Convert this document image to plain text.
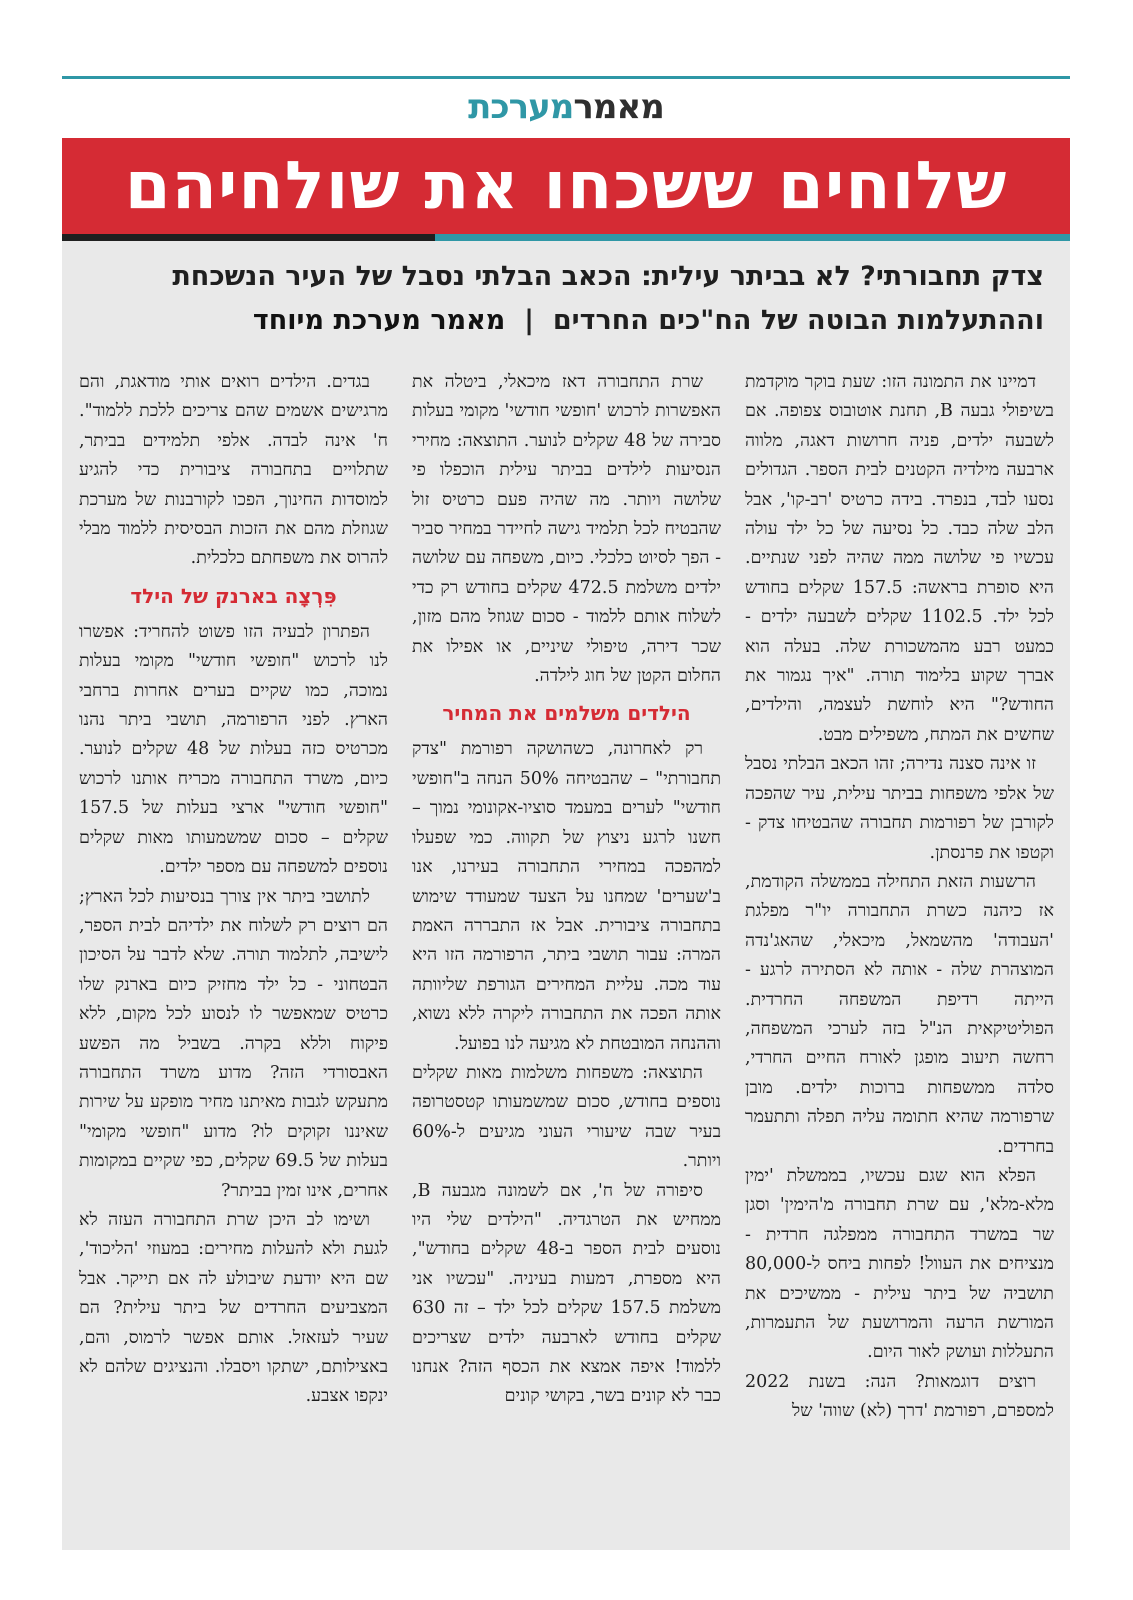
מאמרמערכת
שלוחים ששכחו את שולחיהם
צדק תחבורתי? לא בביתר עילית: הכאב הבלתי נסבל של העיר הנשכחת
וההתעלמות הבוטה של הח"כים החרדים  |  מאמר מערכת מיוחד

דמיינו את התמונה הזו: שעת בוקר מוקדמת בשיפולי גבעה B, תחנת אוטובוס צפופה. אם לשבעה ילדים, פניה חרושות דאגה, מלווה ארבעה מילדיה הקטנים לבית הספר. הגדולים נסעו לבד, בנפרד. בידה כרטיס 'רב-קו', אבל הלב שלה כבד. כל נסיעה של כל ילד עולה עכשיו פי שלושה ממה שהיה לפני שנתיים. היא סופרת בראשה: 157.5 שקלים בחודש לכל ילד. 1102.5 שקלים לשבעה ילדים - כמעט רבע מהמשכורת שלה. בעלה הוא אברך שקוע בלימוד תורה. "איך נגמור את החודש?" היא לוחשת לעצמה, והילדים, שחשים את המתח, משפילים מבט.

זו אינה סצנה נדירה; זהו הכאב הבלתי נסבל של אלפי משפחות בביתר עילית, עיר שהפכה לקורבן של רפורמות תחבורה שהבטיחו צדק - וקטפו את פרנסתן.

הרשעות הזאת התחילה בממשלה הקודמת, אז כיהנה כשרת התחבורה יו"ר מפלגת 'העבודה' מהשמאל, מיכאלי, שהאג'נדה המוצהרת שלה - אותה לא הסתירה לרגע - הייתה רדיפת המשפחה החרדית. הפוליטיקאית הנ"ל בזה לערכי המשפחה, רחשה תיעוב מופגן לאורח החיים החרדי, סלדה ממשפחות ברוכות ילדים. מובן שרפורמה שהיא חתומה עליה תפלה ותתעמר בחרדים.

הפלא הוא שגם עכשיו, בממשלת 'ימין מלא-מלא', עם שרת תחבורה מ'הימין' וסגן שר במשרד התחבורה ממפלגה חרדית - מנציחים את העוול! לפחות ביחס ל-80,000 תושביה של ביתר עילית - ממשיכים את המורשת הרעה והמרושעת של התעמרות, התעללות ועושק לאור היום.

רוצים דוגמאות? הנה: בשנת 2022 למספרם, רפורמת 'דרך (לא) שווה' של

שרת התחבורה דאז מיכאלי, ביטלה את האפשרות לרכוש 'חופשי חודשי' מקומי בעלות סבירה של 48 שקלים לנוער. התוצאה: מחירי הנסיעות לילדים בביתר עילית הוכפלו פי שלושה ויותר. מה שהיה פעם כרטיס זול שהבטיח לכל תלמיד גישה לחיידר במחיר סביר - הפך לסיוט כלכלי. כיום, משפחה עם שלושה ילדים משלמת 472.5 שקלים בחודש רק כדי לשלוח אותם ללמוד - סכום שגוזל מהם מזון, שכר דירה, טיפולי שיניים, או אפילו את החלום הקטן של חוג לילדה.

הילדים משלמים את המחיר

רק לאחרונה, כשהושקה רפורמת "צדק תחבורתי" – שהבטיחה 50% הנחה ב"חופשי חודשי" לערים במעמד סוציו-אקונומי נמוך – חשנו לרגע ניצוץ של תקווה. כמי שפעלו למהפכה במחירי התחבורה בעירנו, אנו ב'שערים' שמחנו על הצעד שמעודד שימוש בתחבורה ציבורית. אבל אז התבררה האמת המרה: עבור תושבי ביתר, הרפורמה הזו היא עוד מכה. עליית המחירים הגורפת שליוותה אותה הפכה את התחבורה ליקרה ללא נשוא, וההנחה המובטחת לא מגיעה לנו בפועל.

התוצאה: משפחות משלמות מאות שקלים נוספים בחודש, סכום שמשמעותו קטסטרופה בעיר שבה שיעורי העוני מגיעים ל-60% ויותר.

סיפורה של ח', אם לשמונה מגבעה B, ממחיש את הטרגדיה. "הילדים שלי היו נוסעים לבית הספר ב-48 שקלים בחודש", היא מספרת, דמעות בעיניה. "עכשיו אני משלמת 157.5 שקלים לכל ילד – זה 630 שקלים בחודש לארבעה ילדים שצריכים ללמוד! איפה אמצא את הכסף הזה? אנחנו כבר לא קונים בשר, בקושי קונים

בגדים. הילדים רואים אותי מודאגת, והם מרגישים אשמים שהם צריכים ללכת ללמוד". ח' אינה לבדה. אלפי תלמידים בביתר, שתלויים בתחבורה ציבורית כדי להגיע למוסדות החינוך, הפכו לקורבנות של מערכת שגוזלת מהם את הזכות הבסיסית ללמוד מבלי להרוס את משפחתם כלכלית.

פִּרְצָה בארנק של הילד

הפתרון לבעיה הזו פשוט להחריד: אפשרו לנו לרכוש "חופשי חודשי" מקומי בעלות נמוכה, כמו שקיים בערים אחרות ברחבי הארץ. לפני הרפורמה, תושבי ביתר נהנו מכרטיס כזה בעלות של 48 שקלים לנוער. כיום, משרד התחבורה מכריח אותנו לרכוש "חופשי חודשי" ארצי בעלות של 157.5 שקלים – סכום שמשמעותו מאות שקלים נוספים למשפחה עם מספר ילדים.

לתושבי ביתר אין צורך בנסיעות לכל הארץ; הם רוצים רק לשלוח את ילדיהם לבית הספר, לישיבה, לתלמוד תורה. שלא לדבר על הסיכון הבטחוני - כל ילד מחזיק כיום בארנק שלו כרטיס שמאפשר לו לנסוע לכל מקום, ללא פיקוח וללא בקרה. בשביל מה הפשע האבסורדי הזה? מדוע משרד התחבורה מתעקש לגבות מאיתנו מחיר מופקע על שירות שאיננו זקוקים לו? מדוע "חופשי מקומי" בעלות של 69.5 שקלים, כפי שקיים במקומות אחרים, אינו זמין בביתר?

ושימו לב היכן שרת התחבורה העזה לא לגעת ולא להעלות מחירים: במעוזי 'הליכוד', שם היא יודעת שיבולע לה אם תייקר. אבל המצביעים החרדים של ביתר עילית? הם שעיר לעזאזל. אותם אפשר לרמוס, והם, באצילותם, ישתקו ויסבלו. והנציגים שלהם לא ינקפו אצבע.
